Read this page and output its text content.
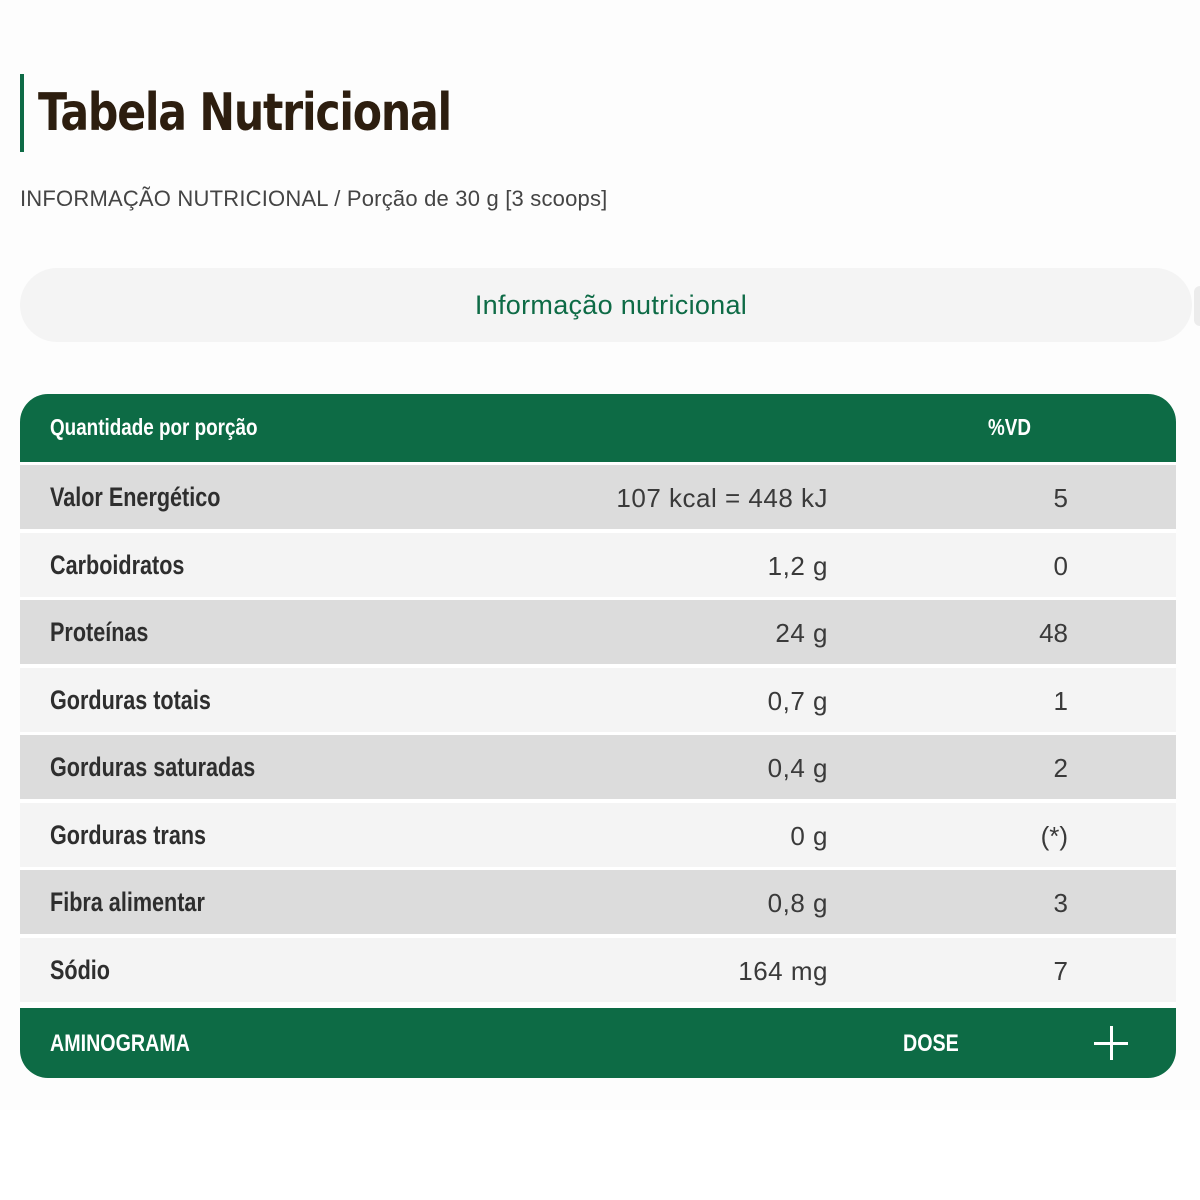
Tabela Nutricional
INFORMAÇÃO NUTRICIONAL / Porção de 30 g [3 scoops]
Informação nutricional
Quantidade por porção	%VD
Valor Energético	107 kcal = 448 kJ	5
Carboidratos	1,2 g	0
Proteínas	24 g	48
Gorduras totais	0,7 g	1
Gorduras saturadas	0,4 g	2
Gorduras trans	0 g	(*)
Fibra alimentar	0,8 g	3
Sódio	164 mg	7
AMINOGRAMA	DOSE
